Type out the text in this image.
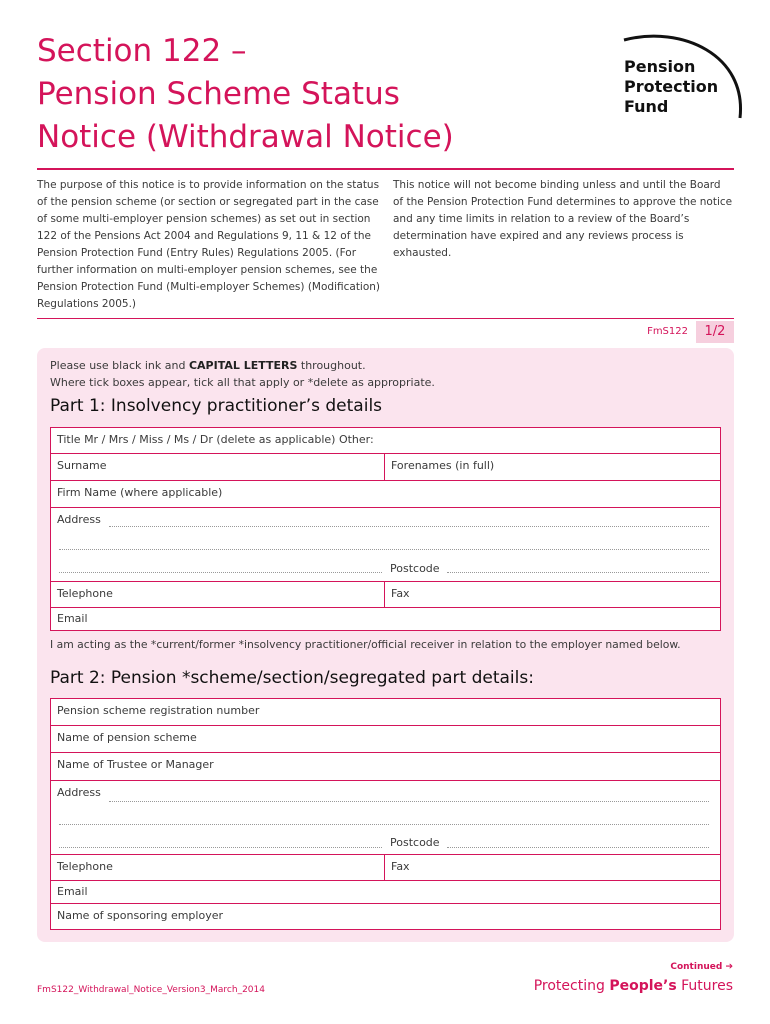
Section 122 –
Pension Scheme Status
Notice (Withdrawal Notice)
Pension
Protection
Fund
The purpose of this notice is to provide information on the status of the pension scheme (or section or segregated part in the case of some multi-employer pension schemes) as set out in section 122 of the Pensions Act 2004 and Regulations 9, 11 & 12 of the Pension Protection Fund (Entry Rules) Regulations 2005. (For further information on multi-employer pension schemes, see the Pension Protection Fund (Multi-employer Schemes) (Modification) Regulations 2005.)
This notice will not become binding unless and until the Board of the Pension Protection Fund determines to approve the notice and any time limits in relation to a review of the Board’s determination have expired and any reviews process is exhausted.
FmS122	1/2
Please use black ink and CAPITAL LETTERS throughout.
Where tick boxes appear, tick all that apply or *delete as appropriate.
Part 1: Insolvency practitioner’s details
Title Mr / Mrs / Miss / Ms / Dr (delete as applicable) Other:
Surname	Forenames (in full)
Firm Name (where applicable)
Address
Postcode
Telephone	Fax
Email
I am acting as the *current/former *insolvency practitioner/official receiver in relation to the employer named below.
Part 2: Pension *scheme/section/segregated part details:
Pension scheme registration number
Name of pension scheme
Name of Trustee or Manager
Address
Postcode
Telephone	Fax
Email
Name of sponsoring employer
Continued ➔
FmS122_Withdrawal_Notice_Version3_March_2014	Protecting People’s Futures
